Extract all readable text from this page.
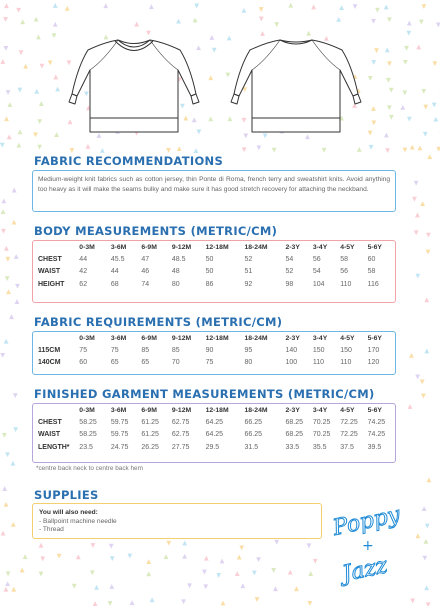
FABRIC RECOMMENDATIONS
Medium-weight knit fabrics such as cotton jersey, thin Ponte di Roma, french terry and sweatshirt knits. Avoid anything too heavy as it will make the seams bulky and make sure it has good stretch recovery for attaching the neckband.
BODY MEASUREMENTS (METRIC/CM)
	0-3M	3-6M	6-9M	9-12M	12-18M	18-24M	2-3Y	3-4Y	4-5Y	5-6Y
CHEST	44	45.5	47	48.5	50	52	54	56	58	60
WAIST	42	44	46	48	50	51	52	54	56	58
HEIGHT	62	68	74	80	86	92	98	104	110	116
FABRIC REQUIREMENTS (METRIC/CM)
	0-3M	3-6M	6-9M	9-12M	12-18M	18-24M	2-3Y	3-4Y	4-5Y	5-6Y
115CM	75	75	85	85	90	95	140	150	150	170
140CM	60	65	65	70	75	80	100	110	110	120
FINISHED GARMENT MEASUREMENTS (METRIC/CM)
	0-3M	3-6M	6-9M	9-12M	12-18M	18-24M	2-3Y	3-4Y	4-5Y	5-6Y
CHEST	58.25	59.75	61.25	62.75	64.25	66.25	68.25	70.25	72.25	74.25
WAIST	58.25	59.75	61.25	62.75	64.25	66.25	68.25	70.25	72.25	74.25
LENGTH*	23.5	24.75	26.25	27.75	29.5	31.5	33.5	35.5	37.5	39.5
*centre back neck to centre back hem
SUPPLIES
You will also need:
- Ballpoint machine needle
- Thread	Poppy
+
Jazz
